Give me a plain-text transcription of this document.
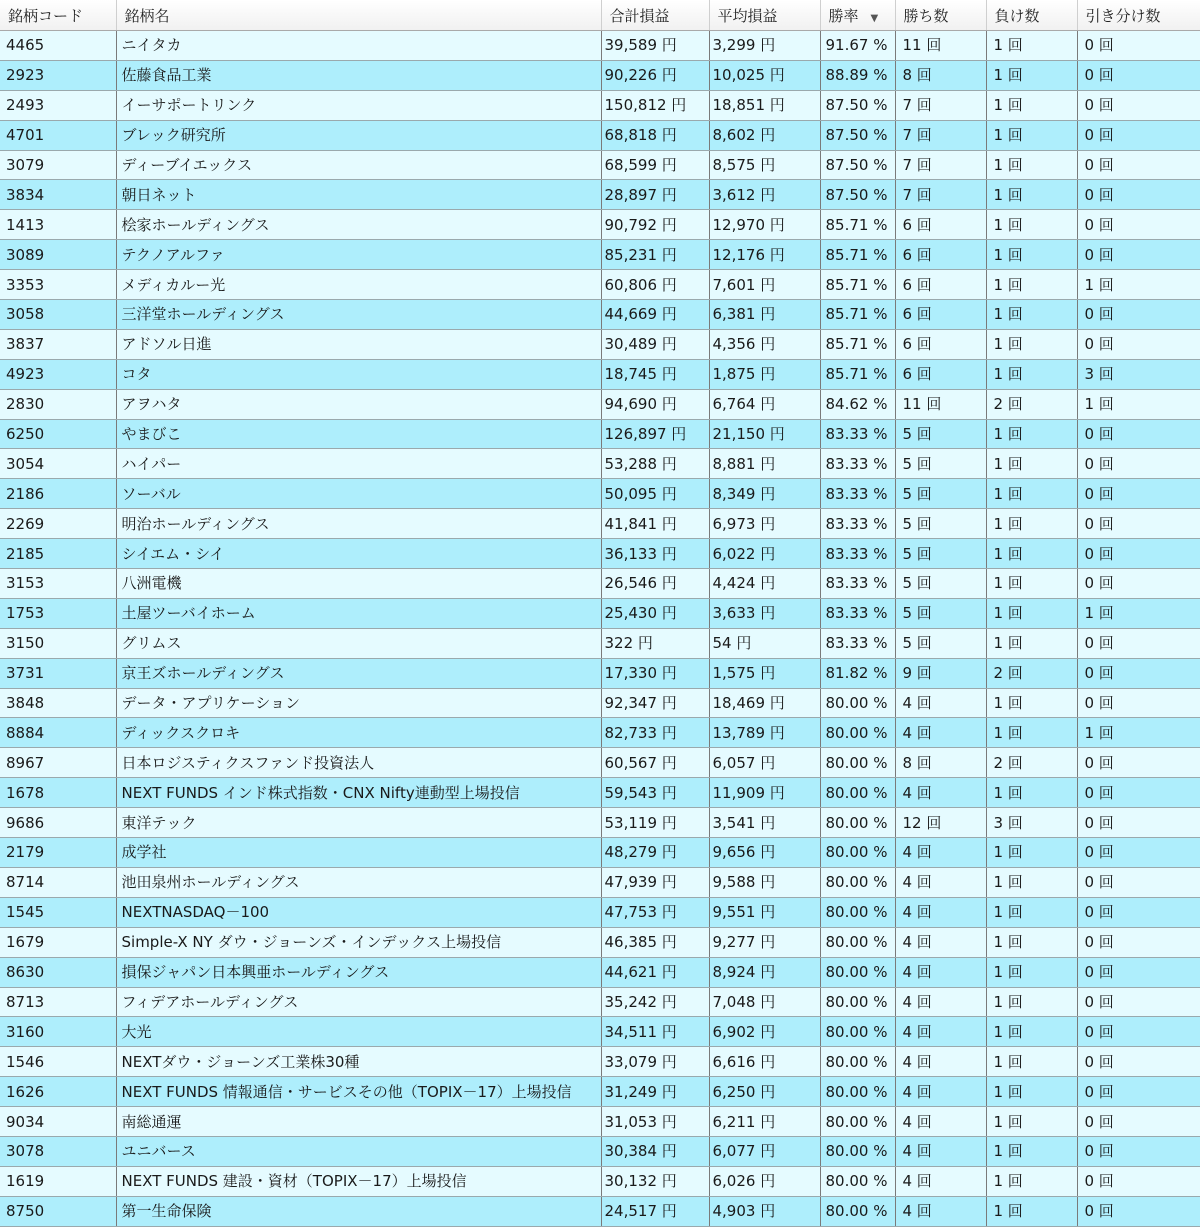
銘柄コード	銘柄名	合計損益	平均損益	勝率 ▼	勝ち数	負け数	引き分け数
4465	ニイタカ	39,589 円	3,299 円	91.67 %	11 回	1 回	0 回
2923	佐藤食品工業	90,226 円	10,025 円	88.89 %	8 回	1 回	0 回
2493	イーサポートリンク	150,812 円	18,851 円	87.50 %	7 回	1 回	0 回
4701	ブレック研究所	68,818 円	8,602 円	87.50 %	7 回	1 回	0 回
3079	ディーブイエックス	68,599 円	8,575 円	87.50 %	7 回	1 回	0 回
3834	朝日ネット	28,897 円	3,612 円	87.50 %	7 回	1 回	0 回
1413	桧家ホールディングス	90,792 円	12,970 円	85.71 %	6 回	1 回	0 回
3089	テクノアルファ	85,231 円	12,176 円	85.71 %	6 回	1 回	0 回
3353	メディカルー光	60,806 円	7,601 円	85.71 %	6 回	1 回	1 回
3058	三洋堂ホールディングス	44,669 円	6,381 円	85.71 %	6 回	1 回	0 回
3837	アドソル日進	30,489 円	4,356 円	85.71 %	6 回	1 回	0 回
4923	コタ	18,745 円	1,875 円	85.71 %	6 回	1 回	3 回
2830	アヲハタ	94,690 円	6,764 円	84.62 %	11 回	2 回	1 回
6250	やまびこ	126,897 円	21,150 円	83.33 %	5 回	1 回	0 回
3054	ハイパー	53,288 円	8,881 円	83.33 %	5 回	1 回	0 回
2186	ソーバル	50,095 円	8,349 円	83.33 %	5 回	1 回	0 回
2269	明治ホールディングス	41,841 円	6,973 円	83.33 %	5 回	1 回	0 回
2185	シイエム・シイ	36,133 円	6,022 円	83.33 %	5 回	1 回	0 回
3153	八洲電機	26,546 円	4,424 円	83.33 %	5 回	1 回	0 回
1753	土屋ツーバイホーム	25,430 円	3,633 円	83.33 %	5 回	1 回	1 回
3150	グリムス	322 円	54 円	83.33 %	5 回	1 回	0 回
3731	京王ズホールディングス	17,330 円	1,575 円	81.82 %	9 回	2 回	0 回
3848	データ・アプリケーション	92,347 円	18,469 円	80.00 %	4 回	1 回	0 回
8884	ディックスクロキ	82,733 円	13,789 円	80.00 %	4 回	1 回	1 回
8967	日本ロジスティクスファンド投資法人	60,567 円	6,057 円	80.00 %	8 回	2 回	0 回
1678	NEXT FUNDS インド株式指数・CNX Nifty連動型上場投信	59,543 円	11,909 円	80.00 %	4 回	1 回	0 回
9686	東洋テック	53,119 円	3,541 円	80.00 %	12 回	3 回	0 回
2179	成学社	48,279 円	9,656 円	80.00 %	4 回	1 回	0 回
8714	池田泉州ホールディングス	47,939 円	9,588 円	80.00 %	4 回	1 回	0 回
1545	NEXTNASDAQ－100	47,753 円	9,551 円	80.00 %	4 回	1 回	0 回
1679	Simple-X NY ダウ・ジョーンズ・インデックス上場投信	46,385 円	9,277 円	80.00 %	4 回	1 回	0 回
8630	損保ジャパン日本興亜ホールディングス	44,621 円	8,924 円	80.00 %	4 回	1 回	0 回
8713	フィデアホールディングス	35,242 円	7,048 円	80.00 %	4 回	1 回	0 回
3160	大光	34,511 円	6,902 円	80.00 %	4 回	1 回	0 回
1546	NEXTダウ・ジョーンズ工業株30種	33,079 円	6,616 円	80.00 %	4 回	1 回	0 回
1626	NEXT FUNDS 情報通信・サービスその他（TOPIX－17）上場投信	31,249 円	6,250 円	80.00 %	4 回	1 回	0 回
9034	南総通運	31,053 円	6,211 円	80.00 %	4 回	1 回	0 回
3078	ユニバース	30,384 円	6,077 円	80.00 %	4 回	1 回	0 回
1619	NEXT FUNDS 建設・資材（TOPIX－17）上場投信	30,132 円	6,026 円	80.00 %	4 回	1 回	0 回
8750	第一生命保険	24,517 円	4,903 円	80.00 %	4 回	1 回	0 回
